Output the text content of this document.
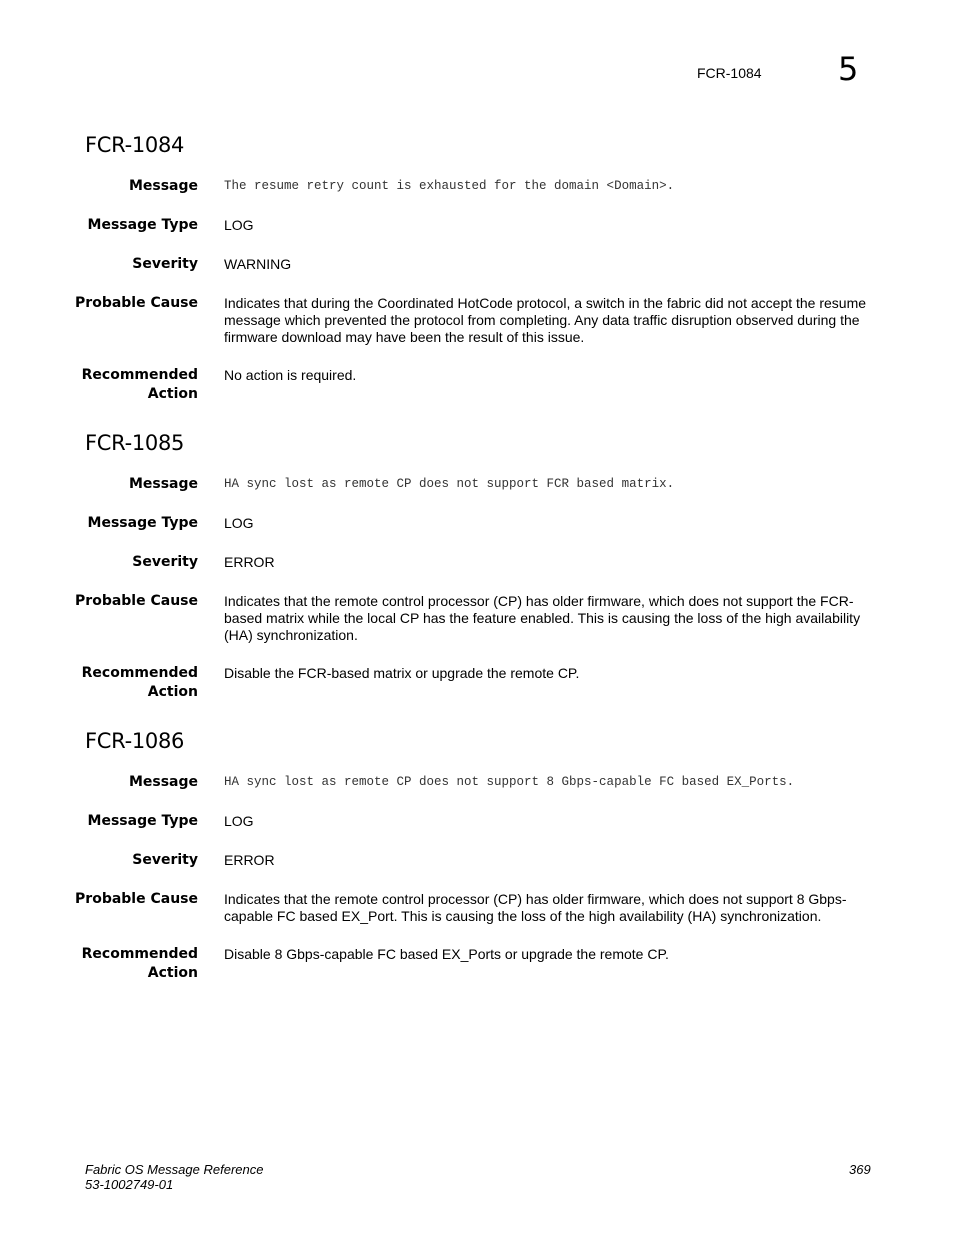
FCR-1084 5
FCR-1084
Message The resume retry count is exhausted for the domain <Domain>.
Message Type LOG
Severity WARNING
Probable Cause Indicates that during the Coordinated HotCode protocol, a switch in the fabric did not accept the resume message which prevented the protocol from completing. Any data traffic disruption observed during the firmware download may have been the result of this issue.
Recommended
Action
No action is required.
FCR-1085
Message HA sync lost as remote CP does not support FCR based matrix.
Message Type LOG
Severity ERROR
Probable Cause Indicates that the remote control processor (CP) has older firmware, which does not support the FCR-based matrix while the local CP has the feature enabled. This is causing the loss of the high availability (HA) synchronization.
Recommended
Action
Disable the FCR-based matrix or upgrade the remote CP.
FCR-1086
Message HA sync lost as remote CP does not support 8 Gbps-capable FC based EX_Ports.
Message Type LOG
Severity ERROR
Probable Cause Indicates that the remote control processor (CP) has older firmware, which does not support 8 Gbps-capable FC based EX_Port. This is causing the loss of the high availability (HA) synchronization.
Recommended
Action
Disable 8 Gbps-capable FC based EX_Ports or upgrade the remote CP.
Fabric OS Message Reference
53-1002749-01
369
